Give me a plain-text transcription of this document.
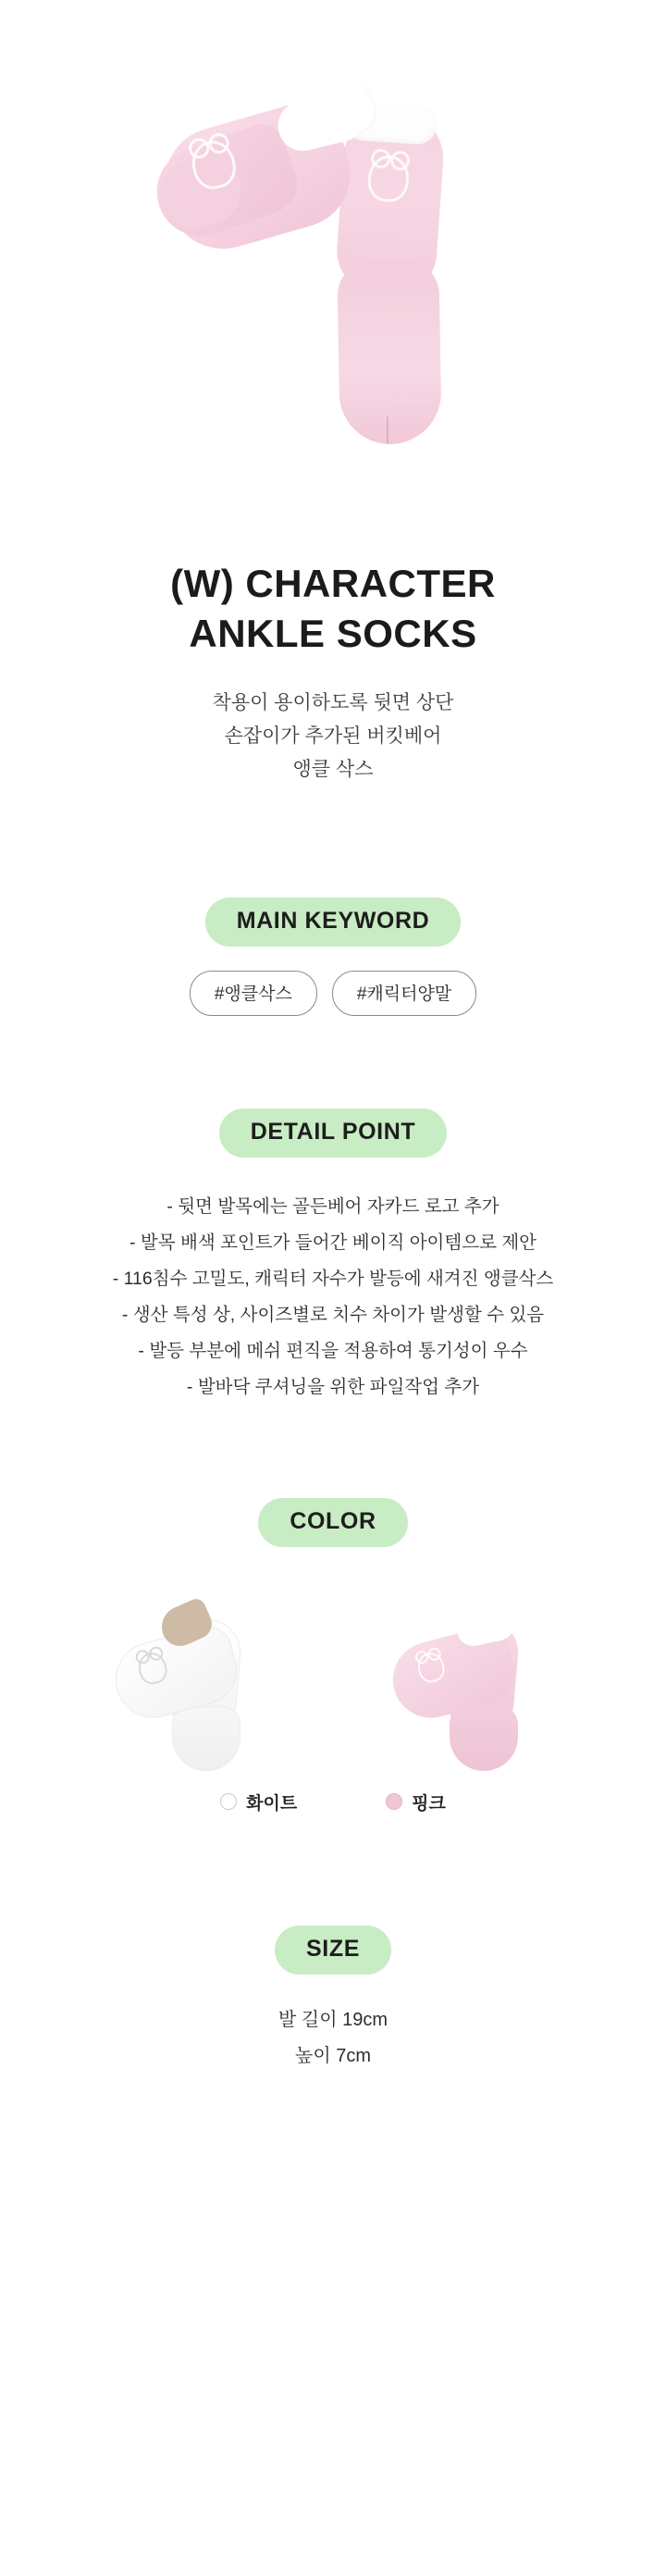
(W) CHARACTER
ANKLE SOCKS
착용이 용이하도록 뒷면 상단
손잡이가 추가된 버킷베어
앵클 삭스
MAIN KEYWORD
#앵클삭스	#캐릭터양말
DETAIL POINT
- 뒷면 발목에는 골든베어 자카드 로고 추가
- 발목 배색 포인트가 들어간 베이직 아이템으로 제안
- 116침수 고밀도, 캐릭터 자수가 발등에 새겨진 앵클삭스
- 생산 특성 상, 사이즈별로 치수 차이가 발생할 수 있음
- 발등 부분에 메쉬 편직을 적용하여 통기성이 우수
- 발바닥 쿠셔닝을 위한 파일작업 추가
COLOR
화이트	핑크
SIZE
발 길이 19cm
높이 7cm
